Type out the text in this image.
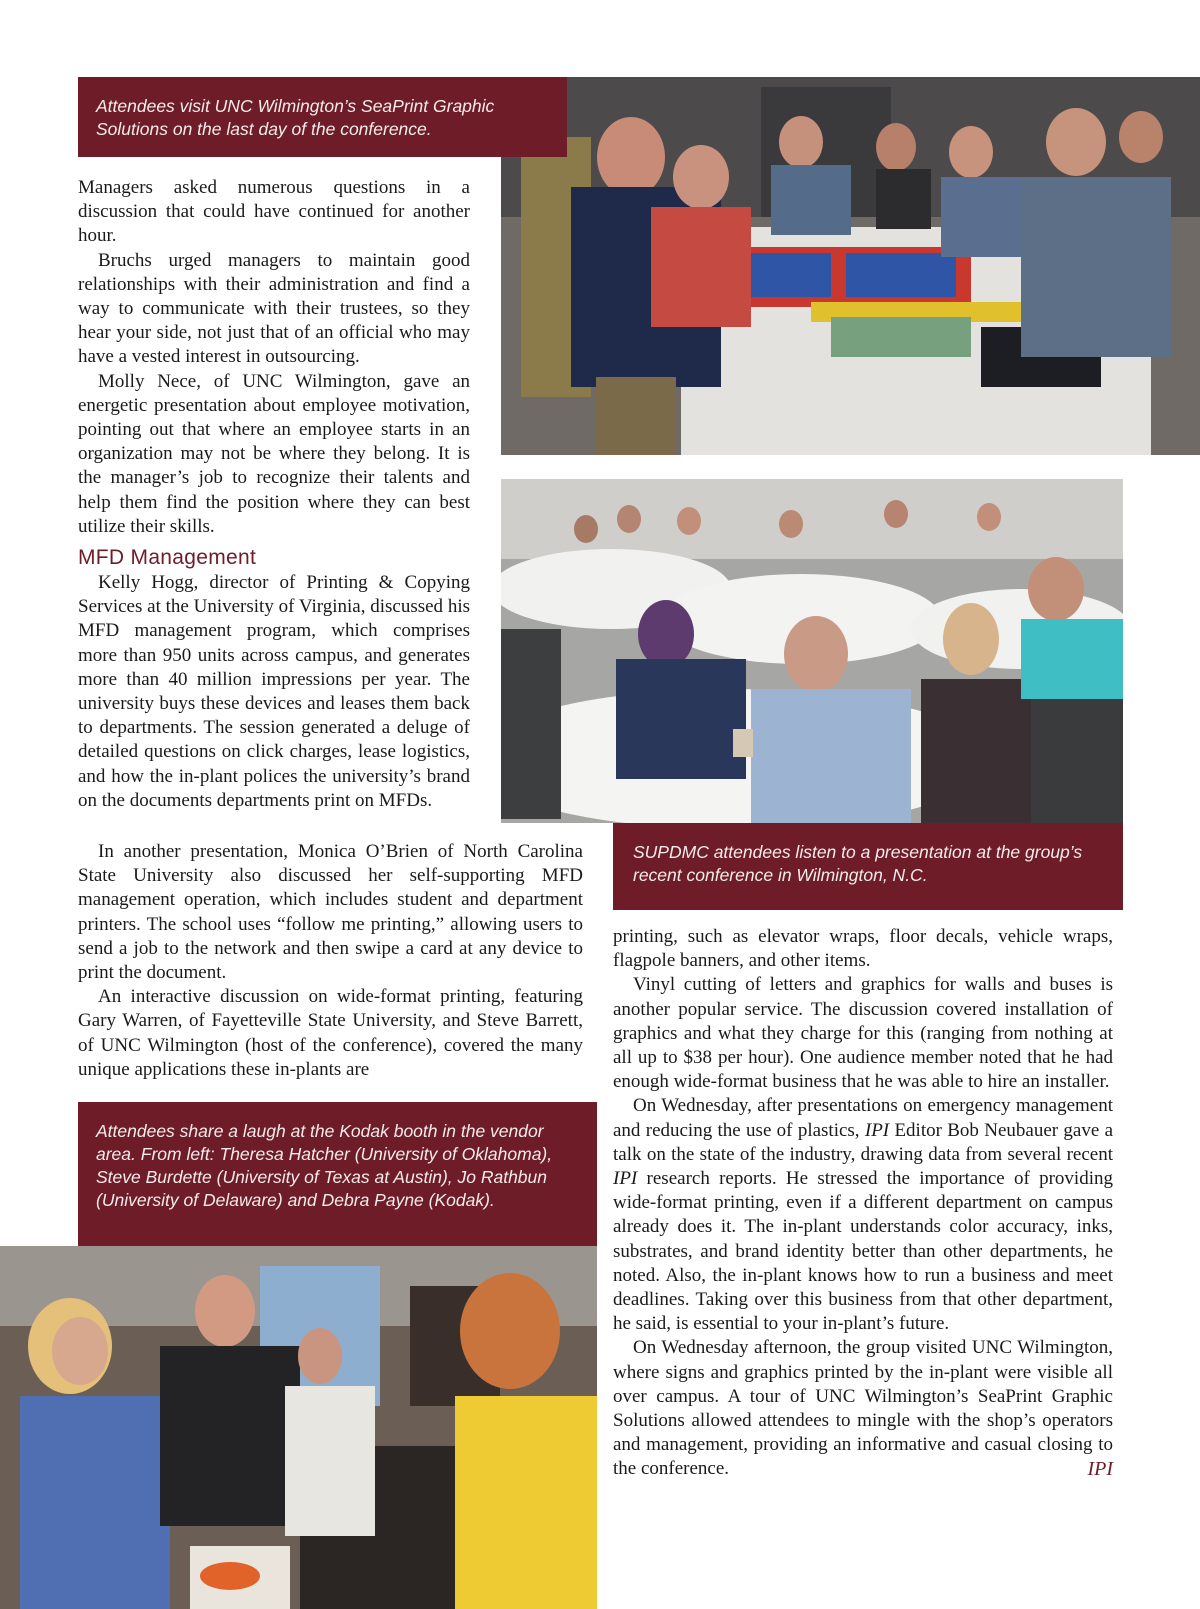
Attendees visit UNC Wilmington’s SeaPrint Graphic Solutions on the last day of the conference.
SUPDMC attendees listen to a presentation at the group’s recent conference in Wilmington, N.C.
Attendees share a laugh at the Kodak booth in the vendor area. From left: Theresa Hatcher (University of Oklahoma), Steve Burdette (University of Texas at Austin), Jo Rathbun (University of Delaware) and Debra Payne (Kodak).

Managers asked numerous questions in a discussion that could have continued for another hour.

Bruchs urged managers to maintain good relationships with their administration and find a way to communicate with their trustees, so they hear your side, not just that of an official who may have a vested interest in outsourcing.

Molly Nece, of UNC Wilmington, gave an energetic presentation about employee motivation, pointing out that where an employee starts in an organization may not be where they belong. It is the manager’s job to recognize their talents and help them find the position where they can best utilize their skills.

MFD Management

Kelly Hogg, director of Printing & Copying Services at the University of Virginia, discussed his MFD management program, which comprises more than 950 units across campus, and generates more than 40 million impressions per year. The university buys these devices and leases them back to departments. The session generated a deluge of detailed questions on click charges, lease logistics, and how the in-plant polices the university’s brand on the documents departments print on MFDs.

In another presentation, Monica O’Brien of North Carolina State University also discussed her self-supporting MFD management operation, which includes student and department printers. The school uses “follow me printing,” allowing users to send a job to the network and then swipe a card at any device to print the document.

An interactive discussion on wide-format printing, featuring Gary Warren, of Fayetteville State University, and Steve Barrett, of UNC Wilmington (host of the conference), covered the many unique applications these in-plants are

printing, such as elevator wraps, floor decals, vehicle wraps, flagpole banners, and other items.

Vinyl cutting of letters and graphics for walls and buses is another popular service. The discussion covered installation of graphics and what they charge for this (ranging from nothing at all up to $38 per hour). One audience member noted that he had enough wide-format business that he was able to hire an installer.

On Wednesday, after presentations on emergency management and reducing the use of plastics, IPI Editor Bob Neubauer gave a talk on the state of the industry, drawing data from several recent IPI research reports. He stressed the importance of providing wide-format printing, even if a different department on campus already does it. The in-plant understands color accuracy, inks, substrates, and brand identity better than other departments, he noted. Also, the in-plant knows how to run a business and meet deadlines. Taking over this business from that other department, he said, is essential to your in-plant’s future.

On Wednesday afternoon, the group visited UNC Wilmington, where signs and graphics printed by the in-plant were visible all over campus. A tour of UNC Wilmington’s SeaPrint Graphic Solutions allowed attendees to mingle with the shop’s operators and management, providing an informative and casual closing to the conference.	IPI
